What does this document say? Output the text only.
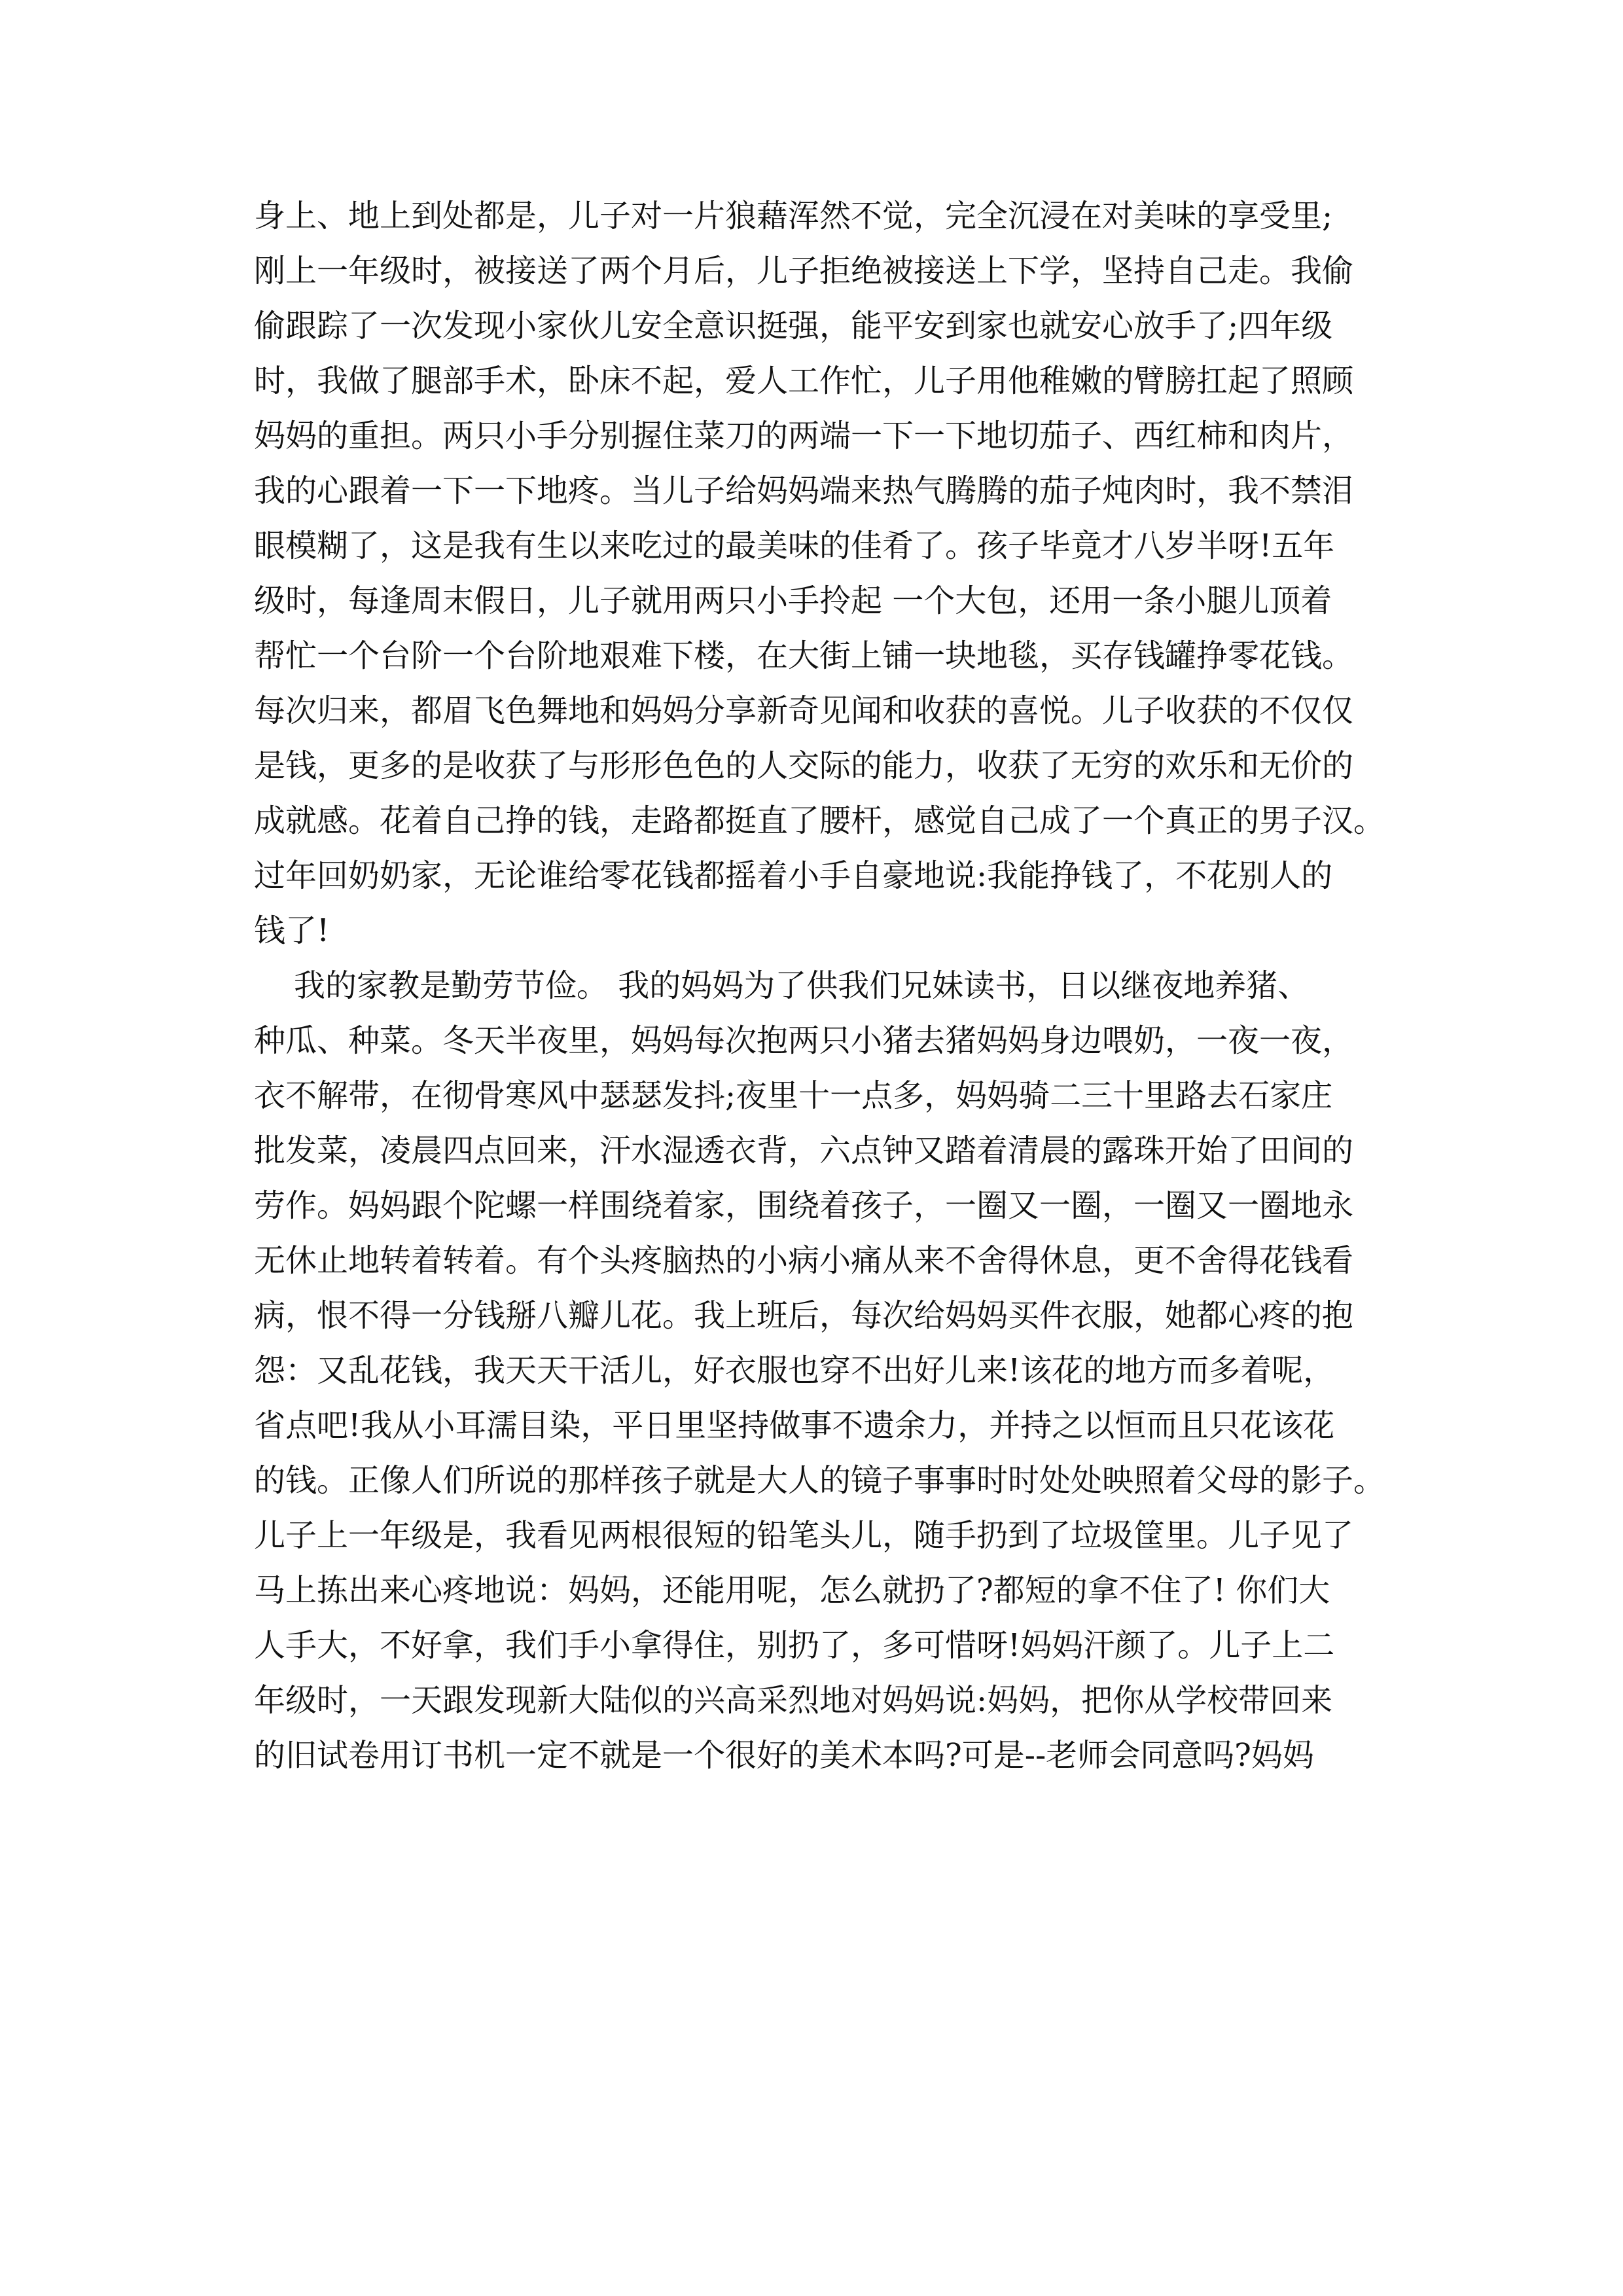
身上、地上到处都是，儿子对一片狼藉浑然不觉，完全沉浸在对美味的享受里;
刚上一年级时，被接送了两个月后，儿子拒绝被接送上下学，坚持自己走。我偷
偷跟踪了一次发现小家伙儿安全意识挺强，能平安到家也就安心放手了;四年级
时，我做了腿部手术，卧床不起，爱人工作忙，儿子用他稚嫩的臂膀扛起了照顾
妈妈的重担。两只小手分别握住菜刀的两端一下一下地切茄子、西红柿和肉片，
我的心跟着一下一下地疼。当儿子给妈妈端来热气腾腾的茄子炖肉时，我不禁泪
眼模糊了，这是我有生以来吃过的最美味的佳肴了。孩子毕竟才八岁半呀!五年
级时，每逢周末假日，儿子就用两只小手拎起 一个大包，还用一条小腿儿顶着
帮忙一个台阶一个台阶地艰难下楼，在大街上铺一块地毯，买存钱罐挣零花钱。
每次归来，都眉飞色舞地和妈妈分享新奇见闻和收获的喜悦。儿子收获的不仅仅
是钱，更多的是收获了与形形色色的人交际的能力，收获了无穷的欢乐和无价的
成就感。花着自己挣的钱，走路都挺直了腰杆，感觉自己成了一个真正的男子汉。
过年回奶奶家，无论谁给零花钱都摇着小手自豪地说:我能挣钱了，不花别人的
钱了!
我的家教是勤劳节俭。 我的妈妈为了供我们兄妹读书，日以继夜地养猪、
种瓜、种菜。冬天半夜里，妈妈每次抱两只小猪去猪妈妈身边喂奶，一夜一夜，
衣不解带，在彻骨寒风中瑟瑟发抖;夜里十一点多，妈妈骑二三十里路去石家庄
批发菜，凌晨四点回来，汗水湿透衣背，六点钟又踏着清晨的露珠开始了田间的
劳作。妈妈跟个陀螺一样围绕着家，围绕着孩子，一圈又一圈，一圈又一圈地永
无休止地转着转着。有个头疼脑热的小病小痛从来不舍得休息，更不舍得花钱看
病，恨不得一分钱掰八瓣儿花。我上班后，每次给妈妈买件衣服，她都心疼的抱
怨：又乱花钱，我天天干活儿，好衣服也穿不出好儿来!该花的地方而多着呢，
省点吧!我从小耳濡目染，平日里坚持做事不遗余力，并持之以恒而且只花该花
的钱。正像人们所说的那样孩子就是大人的镜子事事时时处处映照着父母的影子。
儿子上一年级是，我看见两根很短的铅笔头儿，随手扔到了垃圾筐里。儿子见了
马上拣出来心疼地说：妈妈，还能用呢，怎么就扔了?都短的拿不住了! 你们大
人手大，不好拿，我们手小拿得住，别扔了，多可惜呀!妈妈汗颜了。儿子上二
年级时，一天跟发现新大陆似的兴高采烈地对妈妈说:妈妈，把你从学校带回来
的旧试卷用订书机一定不就是一个很好的美术本吗?可是--老师会同意吗?妈妈
